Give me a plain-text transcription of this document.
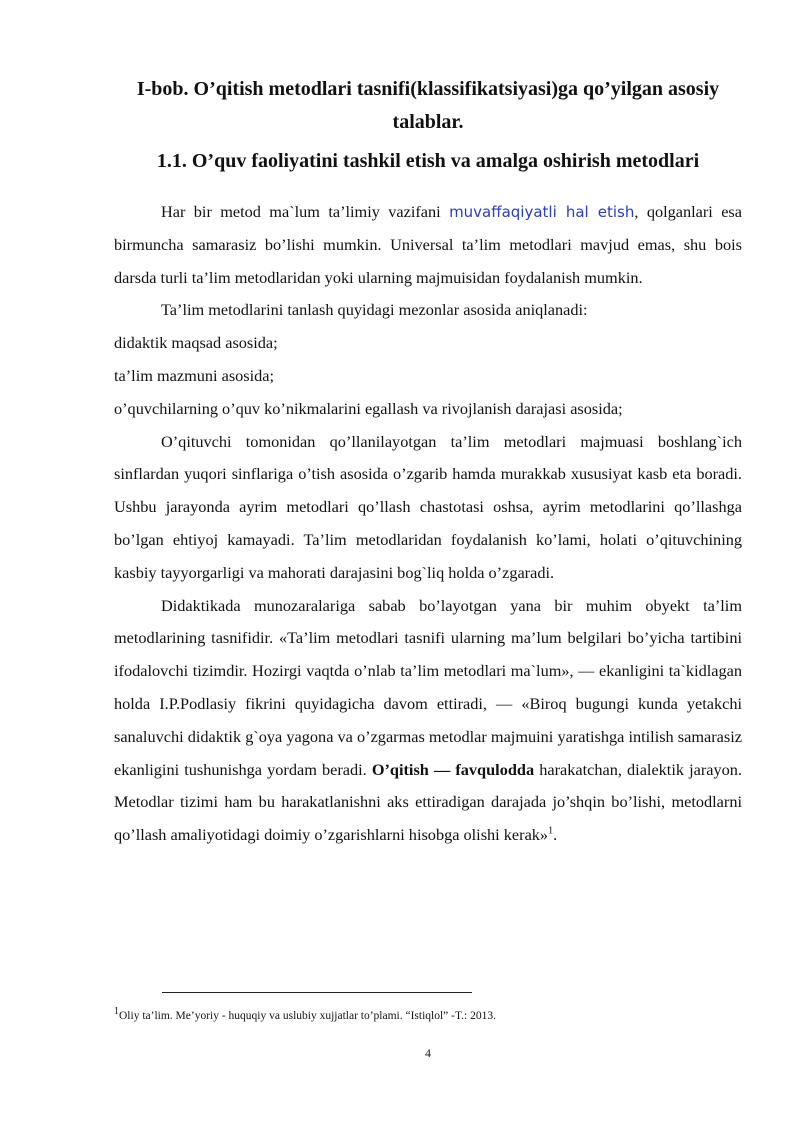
I-bob. O’qitish metodlari tasnifi(klassifikatsiyasi)ga qo’yilgan asosiy talablar.
1.1. O’quv faoliyatini tashkil etish va amalga oshirish metodlari

Har bir metod ma`lum ta’limiy vazifani muvaffaqiyatli hal etish, qolganlari esa birmuncha samarasiz bo’lishi mumkin. Universal ta’lim metodlari mavjud emas, shu bois darsda turli ta’lim metodlaridan yoki ularning majmuisidan foydalanish mumkin.

Ta’lim metodlarini tanlash quyidagi mezonlar asosida aniqlanadi:

didaktik maqsad asosida;

ta’lim mazmuni asosida;

o’quvchilarning o’quv ko’nikmalarini egallash va rivojlanish darajasi asosida;

O’qituvchi tomonidan qo’llanilayotgan ta’lim metodlari majmuasi boshlang`ich sinflardan yuqori sinflariga o’tish asosida o’zgarib hamda murakkab xususiyat kasb eta boradi. Ushbu jarayonda ayrim metodlari qo’llash chastotasi oshsa, ayrim metodlarini qo’llashga bo’lgan ehtiyoj kamayadi. Ta’lim metodlaridan foydalanish ko’lami, holati o’qituvchining kasbiy tayyorgarligi va mahorati darajasini bog`liq holda o’zgaradi.

Didaktikada munozaralariga sabab bo’layotgan yana bir muhim obyekt ta’lim metodlarining tasnifidir. «Ta’lim metodlari tasnifi ularning ma’lum belgilari bo’yicha tartibini ifodalovchi tizimdir. Hozirgi vaqtda o’nlab ta’lim metodlari ma`lum», — ekanligini ta`kidlagan holda I.P.Podlasiy fikrini quyidagicha davom ettiradi, — «Biroq bugungi kunda yetakchi sanaluvchi didaktik g`oya yagona va o’zgarmas metodlar majmuini yaratishga intilish samarasiz ekanligini tushunishga yordam beradi. O’qitish — favqulodda harakatchan, dialektik jarayon. Metodlar tizimi ham bu harakatlanishni aks ettiradigan darajada jo’shqin bo’lishi, metodlarni qo’llash amaliyotidagi doimiy o’zgarishlarni hisobga olishi kerak»$^1$.

$^1$Oliy ta’lim. Me’yoriy - huquqiy va uslubiy xujjatlar to’plami. “Istiqlol” -T.: 2013.
4
